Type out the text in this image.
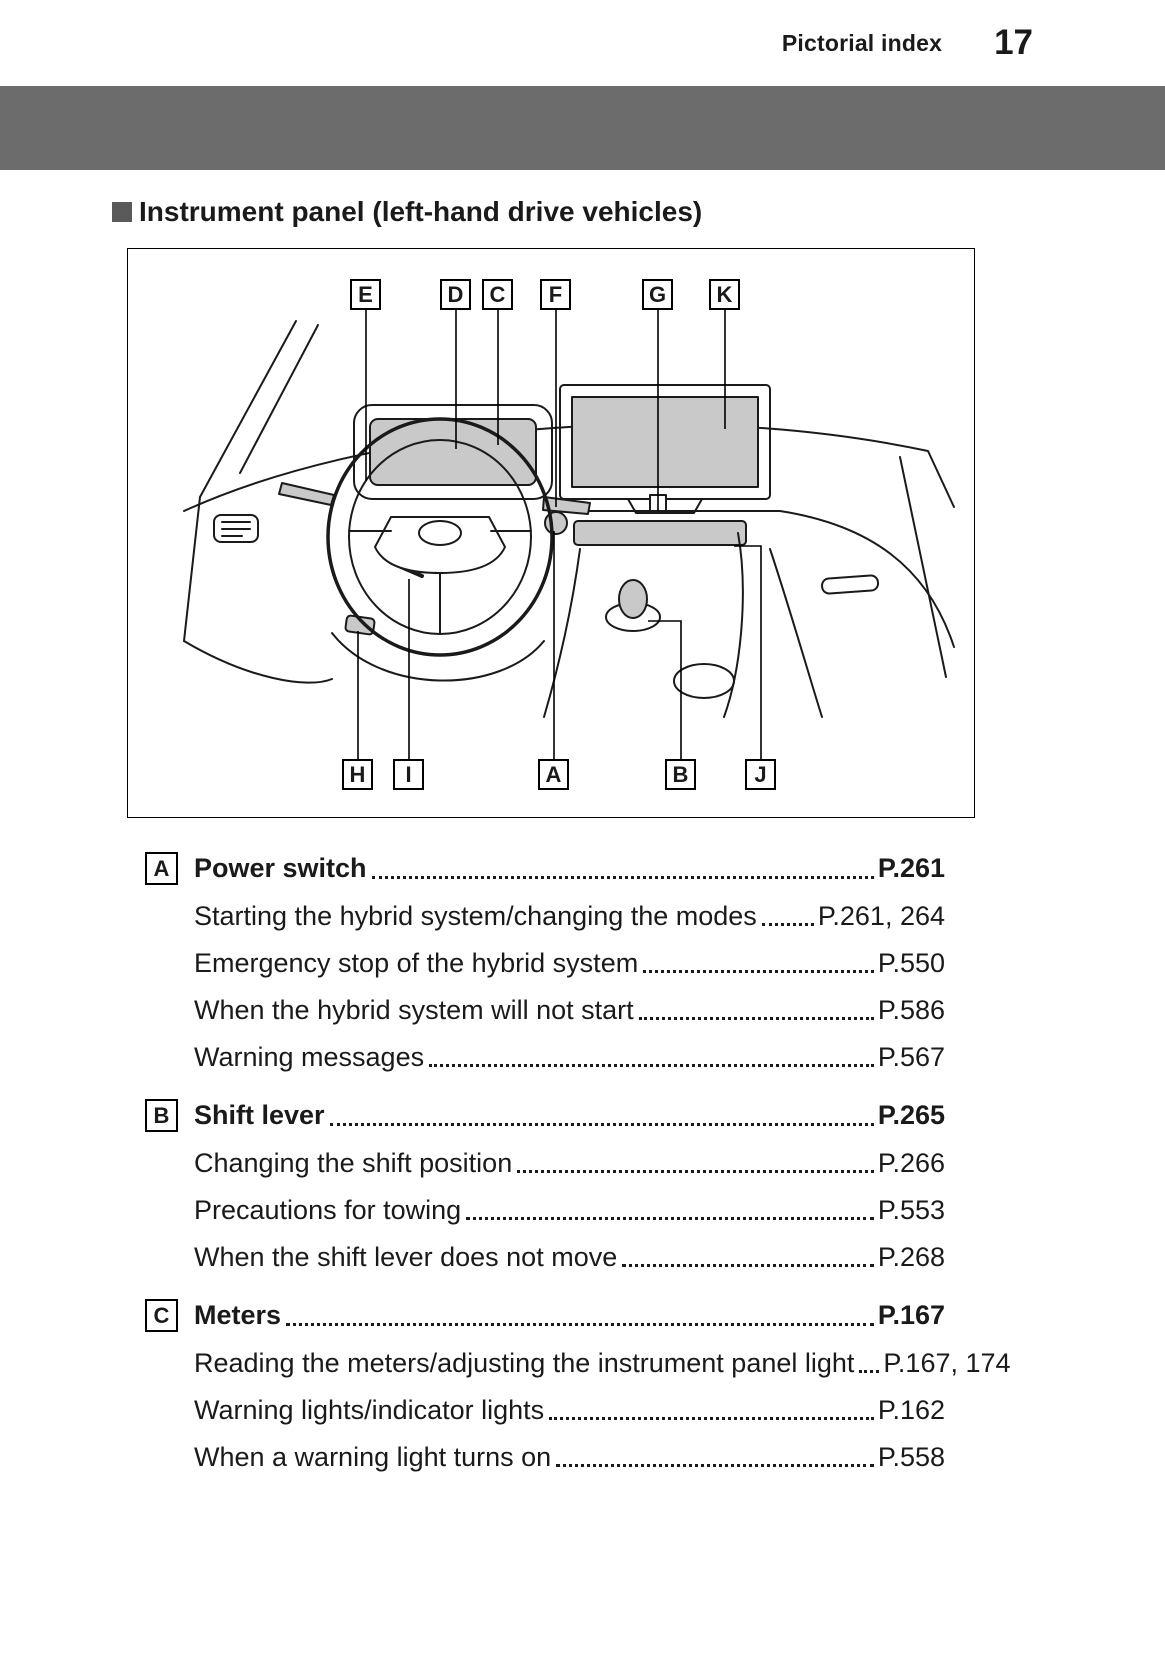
Pictorial index 17
Instrument panel (left-hand drive vehicles)
E	D	C	F	G	K
H	I	A	B	J
A Power switch	P.261
Starting the hybrid system/changing the modes P.261, 264
Emergency stop of the hybrid system	P.550
When the hybrid system will not start	P.586
Warning messages	P.567
B Shift lever	P.265
Changing the shift position	P.266
Precautions for towing	P.553
When the shift lever does not move	P.268
C Meters	P.167
Reading the meters/adjusting the instrument panel light P.167, 174
Warning lights/indicator lights	P.162
When a warning light turns on	P.558
